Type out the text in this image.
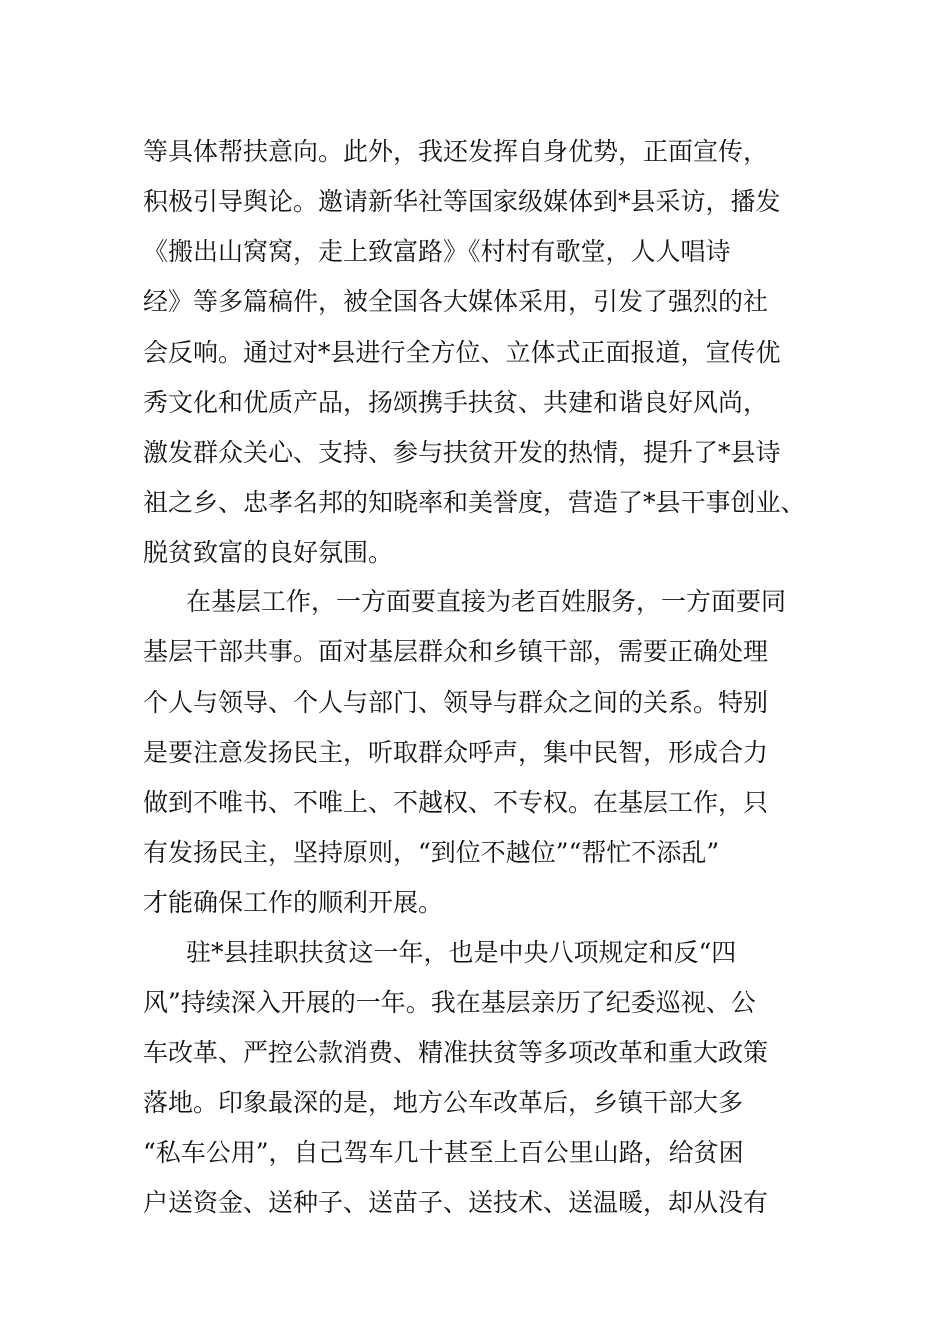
等具体帮扶意向。此外，我还发挥自身优势，正面宣传，
积极引导舆论。邀请新华社等国家级媒体到*县采访，播发
《搬出山窝窝，走上致富路》《村村有歌堂，人人唱诗
经》等多篇稿件，被全国各大媒体采用，引发了强烈的社
会反响。通过对*县进行全方位、立体式正面报道，宣传优
秀文化和优质产品，扬颂携手扶贫、共建和谐良好风尚，
激发群众关心、支持、参与扶贫开发的热情，提升了*县诗
祖之乡、忠孝名邦的知晓率和美誉度，营造了*县干事创业、
脱贫致富的良好氛围。
在基层工作，一方面要直接为老百姓服务，一方面要同
基层干部共事。面对基层群众和乡镇干部，需要正确处理
个人与领导、个人与部门、领导与群众之间的关系。特别
是要注意发扬民主，听取群众呼声，集中民智，形成合力
做到不唯书、不唯上、不越权、不专权。在基层工作，只
有发扬民主，坚持原则，“到位不越位”“帮忙不添乱”
才能确保工作的顺利开展。
驻*县挂职扶贫这一年，也是中央八项规定和反“四
风”持续深入开展的一年。我在基层亲历了纪委巡视、公
车改革、严控公款消费、精准扶贫等多项改革和重大政策
落地。印象最深的是，地方公车改革后，乡镇干部大多
“私车公用”，自己驾车几十甚至上百公里山路，给贫困
户送资金、送种子、送苗子、送技术、送温暖，却从没有
